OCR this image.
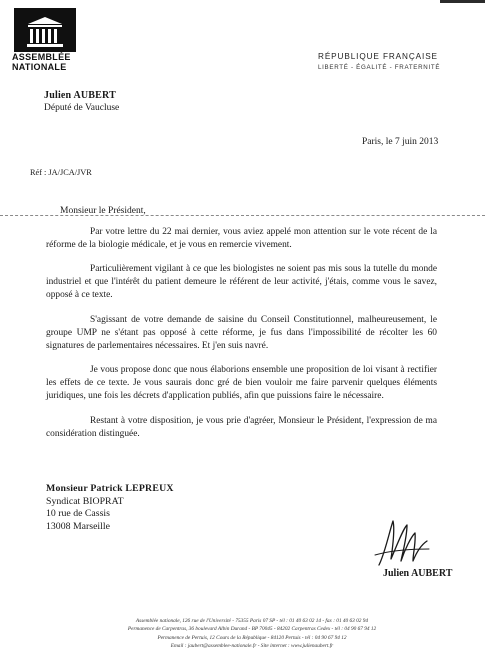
ASSEMBLÉE
NATIONALE
RÉPUBLIQUE FRANÇAISE
LIBERTÉ - ÉGALITÉ - FRATERNITÉ
Julien AUBERT
Député de Vaucluse
Paris, le 7 juin 2013
Réf : JA/JCA/JVR
Monsieur le Président,

Par votre lettre du 22 mai dernier, vous aviez appelé mon attention sur le vote récent de la réforme de la biologie médicale, et je vous en remercie vivement.

Particulièrement vigilant à ce que les biologistes ne soient pas mis sous la tutelle du monde industriel et que l'intérêt du patient demeure le référent de leur activité, j'étais, comme vous le savez, opposé à ce texte.

S'agissant de votre demande de saisine du Conseil Constitutionnel, malheureusement, le groupe UMP ne s'étant pas opposé à cette réforme, je fus dans l'impossibilité de récolter les 60 signatures de parlementaires nécessaires. Et j'en suis navré.

Je vous propose donc que nous élaborions ensemble une proposition de loi visant à rectifier les effets de ce texte. Je vous saurais donc gré de bien vouloir me faire parvenir quelques éléments juridiques, une fois les décrets d'application publiés, afin que puissions faire le nécessaire.

Restant à votre disposition, je vous prie d'agréer, Monsieur le Président, l'expression de ma considération distinguée.

Monsieur Patrick LEPREUX
Syndicat BIOPRAT
10 rue de Cassis
13008 Marseille
Julien AUBERT
Assemblée nationale, 126 rue de l'Université - 75355 Paris 07 SP - tél : 01 40 63 02 14 - fax : 01 40 63 02 94
Permanence de Carpentras, 36 boulevard Albin Durand - BP 70045 - 84202 Carpentras Cedex - tél : 04 90 67 94 12
Permanence de Pertuis, 12 Cours de la République - 84120 Pertuis - tél : 04 90 67 94 12
Email : jaubert@assemblee-nationale.fr - Site internet : www.julienaubert.fr
